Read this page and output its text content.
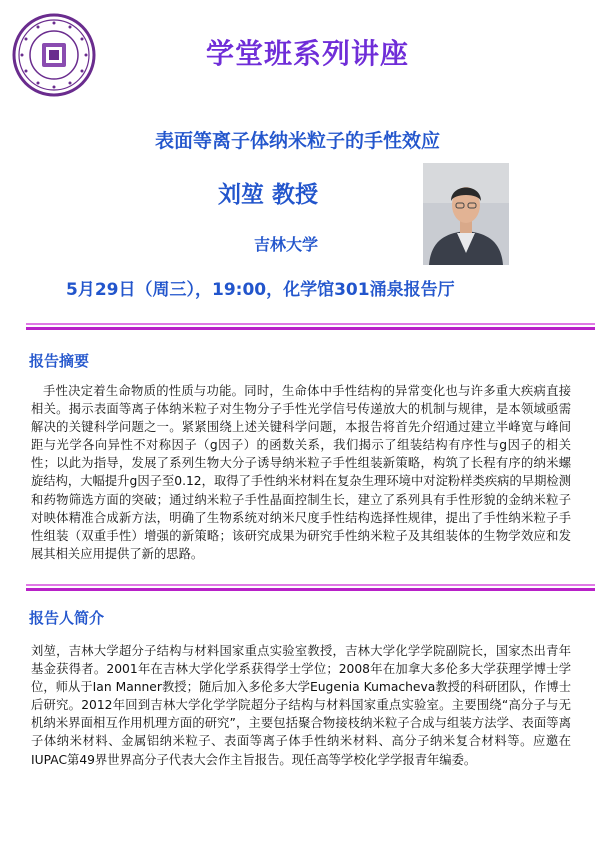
学堂班系列讲座
表面等离子体纳米粒子的手性效应
刘堃 教授
吉林大学
5月29日（周三），19:00，化学馆301涌泉报告厅
报告摘要
手性决定着生命物质的性质与功能。同时，生命体中手性结构的异常变化也与许多重大疾病直接相关。揭示表面等离子体纳米粒子对生物分子手性光学信号传递放大的机制与规律，是本领域亟需解决的关键科学问题之一。紧紧围绕上述关键科学问题，本报告将首先介绍通过建立半峰宽与峰间距与光学各向异性不对称因子（g因子）的函数关系，我们揭示了组装结构有序性与g因子的相关性；以此为指导，发展了系列生物大分子诱导纳米粒子手性组装新策略，构筑了长程有序的纳米螺旋结构，大幅提升g因子至0.12，取得了手性纳米材料在复杂生理环境中对淀粉样类疾病的早期检测和药物筛选方面的突破；通过纳米粒子手性晶面控制生长，建立了系列具有手性形貌的金纳米粒子对映体精准合成新方法，明确了生物系统对纳米尺度手性结构选择性规律，提出了手性纳米粒子手性组装（双重手性）增强的新策略；该研究成果为研究手性纳米粒子及其组装体的生物学效应和发展其相关应用提供了新的思路。
报告人简介
刘堃，吉林大学超分子结构与材料国家重点实验室教授，吉林大学化学学院副院长，国家杰出青年基金获得者。2001年在吉林大学化学系获得学士学位；2008年在加拿大多伦多大学获理学博士学位，师从于Ian Manner教授；随后加入多伦多大学Eugenia Kumacheva教授的科研团队，作博士后研究。2012年回到吉林大学化学学院超分子结构与材料国家重点实验室。主要围绕“高分子与无机纳米界面相互作用机理方面的研究”，主要包括聚合物接枝纳米粒子合成与组装方法学、表面等离子体纳米材料、金属铝纳米粒子、表面等离子体手性纳米材料、高分子纳米复合材料等。应邀在IUPAC第49界世界高分子代表大会作主旨报告。现任高等学校化学学报青年编委。
